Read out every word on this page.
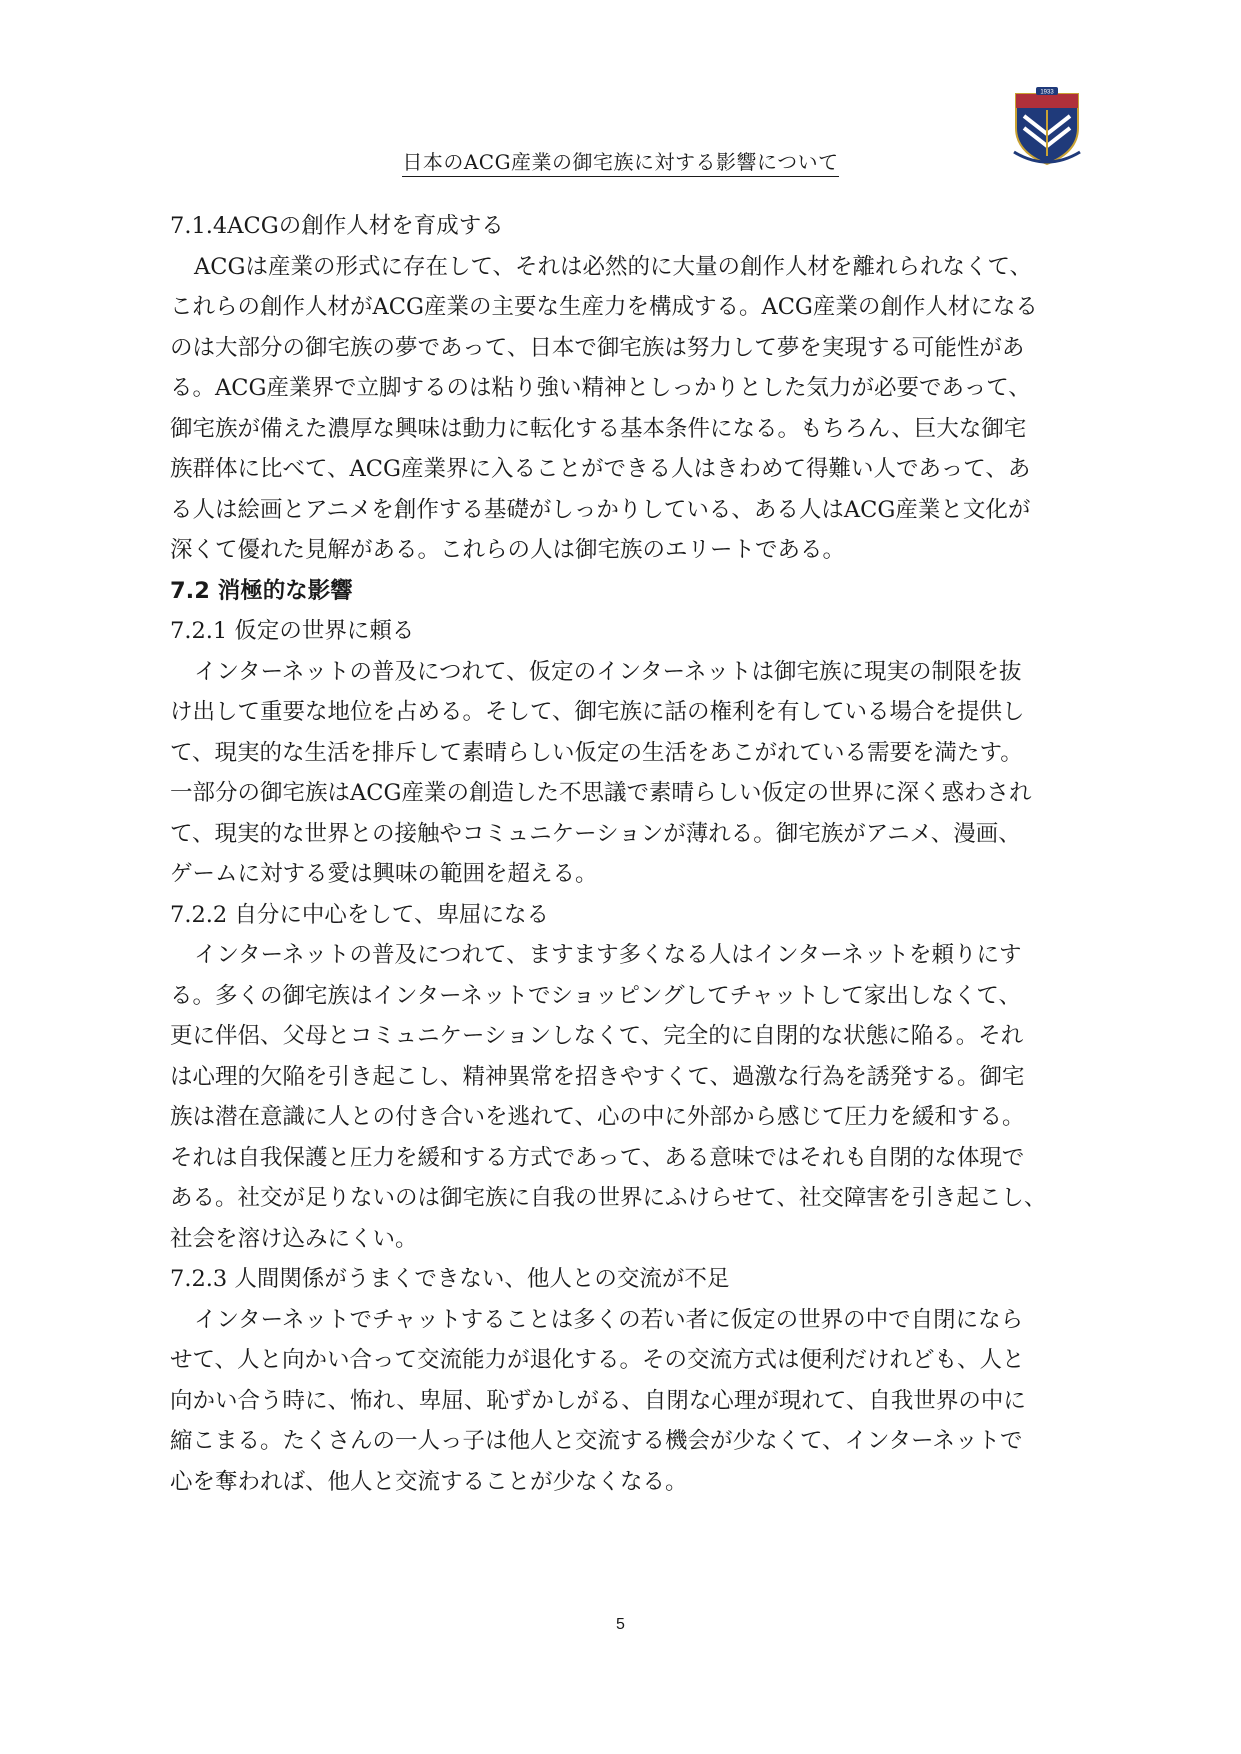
1933
日本のACG産業の御宅族に対する影響について
7.1.4ACGの創作人材を育成する
ACGは産業の形式に存在して、それは必然的に大量の創作人材を離れられなくて、
これらの創作人材がACG産業の主要な生産力を構成する。ACG産業の創作人材になる
のは大部分の御宅族の夢であって、日本で御宅族は努力して夢を実現する可能性があ
る。ACG産業界で立脚するのは粘り強い精神としっかりとした気力が必要であって、
御宅族が備えた濃厚な興味は動力に転化する基本条件になる。もちろん、巨大な御宅
族群体に比べて、ACG産業界に入ることができる人はきわめて得難い人であって、あ
る人は絵画とアニメを創作する基礎がしっかりしている、ある人はACG産業と文化が
深くて優れた見解がある。これらの人は御宅族のエリートである。
7.2 消極的な影響
7.2.1 仮定の世界に頼る
インターネットの普及につれて、仮定のインターネットは御宅族に現実の制限を抜
け出して重要な地位を占める。そして、御宅族に話の権利を有している場合を提供し
て、現実的な生活を排斥して素晴らしい仮定の生活をあこがれている需要を満たす。
一部分の御宅族はACG産業の創造した不思議で素晴らしい仮定の世界に深く惑わされ
て、現実的な世界との接触やコミュニケーションが薄れる。御宅族がアニメ、漫画、
ゲームに対する愛は興味の範囲を超える。
7.2.2 自分に中心をして、卑屈になる
インターネットの普及につれて、ますます多くなる人はインターネットを頼りにす
る。多くの御宅族はインターネットでショッピングしてチャットして家出しなくて、
更に伴侶、父母とコミュニケーションしなくて、完全的に自閉的な状態に陥る。それ
は心理的欠陥を引き起こし、精神異常を招きやすくて、過激な行為を誘発する。御宅
族は潜在意識に人との付き合いを逃れて、心の中に外部から感じて圧力を緩和する。
それは自我保護と圧力を緩和する方式であって、ある意味ではそれも自閉的な体現で
ある。社交が足りないのは御宅族に自我の世界にふけらせて、社交障害を引き起こし、
社会を溶け込みにくい。
7.2.3 人間関係がうまくできない、他人との交流が不足
インターネットでチャットすることは多くの若い者に仮定の世界の中で自閉になら
せて、人と向かい合って交流能力が退化する。その交流方式は便利だけれども、人と
向かい合う時に、怖れ、卑屈、恥ずかしがる、自閉な心理が現れて、自我世界の中に
縮こまる。たくさんの一人っ子は他人と交流する機会が少なくて、インターネットで
心を奪われば、他人と交流することが少なくなる。
5
